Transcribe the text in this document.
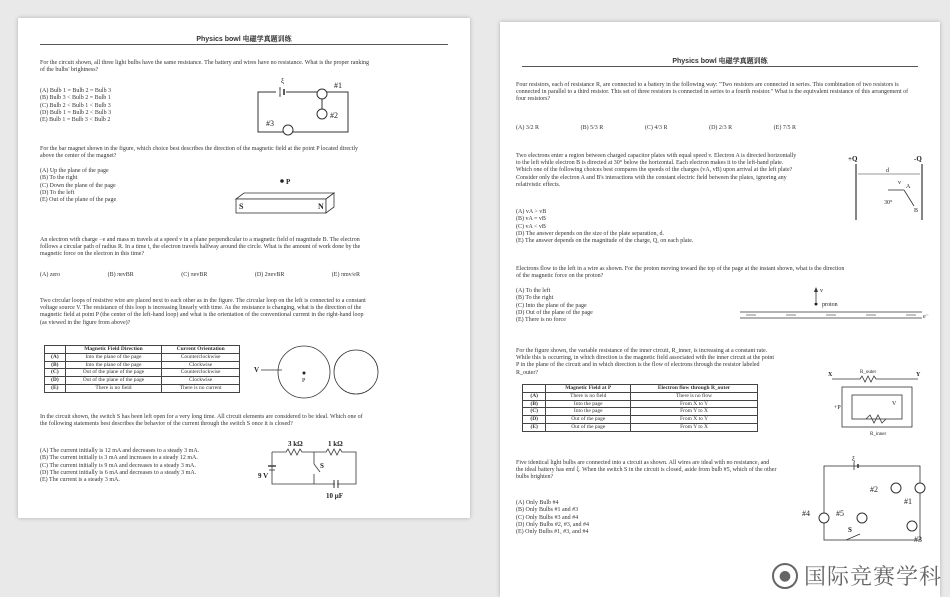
Physics bowl 电磁学真题训练

For the circuit shown, all three light bulbs have the same resistance. The battery and wires have no resistance. What is the proper ranking of the bulbs' brightness?

(A) Bulb 1 = Bulb 2 = Bulb 3
(B) Bulb 3 < Bulb 2 = Bulb 1
(C) Bulb 2 < Bulb 1 < Bulb 3
(D) Bulb 1 = Bulb 2 < Bulb 3
(E) Bulb 1 = Bulb 3 < Bulb 2
ξ	#1
#2
#3

For the bar magnet shown in the figure, which choice best describes the direction of the magnetic field at the point P located directly above the center of the magnet?

(A) Up the plane of the page
(B) To the right
(C) Down the plane of the page
(D) To the left
(E) Out of the plane of the page
P
S	N

An electron with charge −e and mass m travels at a speed v in a plane perpendicular to a magnetic field of magnitude B. The electron follows a circular path of radius R. In a time t, the electron travels halfway around the circle. What is the amount of work done by the magnetic force on the electron in this time?

(A) zero	(B) πevBR	(C) πevBR	(D) 2πevBR	(E) πmv/eR

Two circular loops of resistive wire are placed next to each other as in the figure. The circular loop on the left is connected to a constant voltage source V. The resistance of this loop is increasing linearly with time. As the resistance is changing, what is the direction of the magnetic field at point P (the center of the left-hand loop) and what is the orientation of the conventional current in the right-hand loop (as viewed in the figure from above)?

	Magnetic Field Direction	Current Orientation
(A)	Into the plane of the page	Counterclockwise
(B)	Into the plane of the page	Clockwise
(C)	Out of the plane of the page	Counterclockwise
(D)	Out of the plane of the page	Clockwise
(E)	There is no field	There is no current
V
P

In the circuit shown, the switch S has been left open for a very long time. All circuit elements are considered to be ideal. Which one of the following statements best describes the behavior of the current through the switch S once it is closed?

(A) The current initially is 12 mA and decreases to a steady 3 mA.
(B) The current initially is 3 mA and increases to a steady 12 mA.
(C) The current initially is 9 mA and decreases to a steady 3 mA.
(D) The current initially is 6 mA and decreases to a steady 3 mA.
(E) The current is a steady 3 mA.
3 kΩ	1 kΩ
S
9 V
10 μF
Physics bowl 电磁学真题训练

Four resistors, each of resistance R, are connected to a battery in the following way: "Two resistors are connected in series. This combination of two resistors is connected in parallel to a third resistor. This set of three resistors is connected in series to a fourth resistor." What is the equivalent resistance of this arrangement of four resistors?

(A) 3/2 R	(B) 5/3 R	(C) 4/3 R	(D) 2/3 R	(E) 7/5 R

Two electrons enter a region between charged capacitor plates with equal speed v. Electron A is directed horizontally to the left while electron B is directed at 30° below the horizontal. Each electron makes it to the left-hand plate. Which one of the following choices best compares the speeds of the charges (vA, vB) upon arrival at the left plate? Consider only the electron A and B's interactions with the constant electric field between the plates, ignoring any relativistic effects.

(A) vA > vB
(B) vA = vB
(C) vA < vB
(D) The answer depends on the size of the plate separation, d.
(E) The answer depends on the magnitude of the charge, Q, on each plate.
+Q	-Q
d
A
B
v
30°

Electrons flow to the left in a wire as shown. For the proton moving toward the top of the page at the instant shown, what is the direction of the magnetic force on the proton?

(A) To the left
(B) To the right
(C) Into the plane of the page
(D) Out of the plane of the page
(E) There is no force
v
proton
e⁻

For the figure shown, the variable resistance of the inner circuit, R_inner, is increasing at a constant rate. While this is occurring, in which direction is the magnetic field associated with the inner circuit at the point P in the plane of the circuit and in which direction is the flow of electrons through the resistor labeled R_outer?

	Magnetic Field at P	Electron flow through R_outer
(A)	There is no field	There is no flow
(B)	Into the page	From X to Y
(C)	Into the page	From Y to X
(D)	Out of the page	From X to Y
(E)	Out of the page	From Y to X
X	Y
R_outer
+P
V
R_inner

Five identical light bulbs are connected into a circuit as shown. All wires are ideal with no resistance, and the ideal battery has emf ξ. When the switch S in the circuit is closed, aside from bulb #5, which of the other bulbs brighten?

(A) Only Bulb #4
(B) Only Bulbs #1 and #3
(C) Only Bulbs #3 and #4
(D) Only Bulbs #2, #3, and #4
(E) Only Bulbs #1, #3, and #4
ξ
#1
#2
#3
#4	#5
S
● 国际竞赛学科
